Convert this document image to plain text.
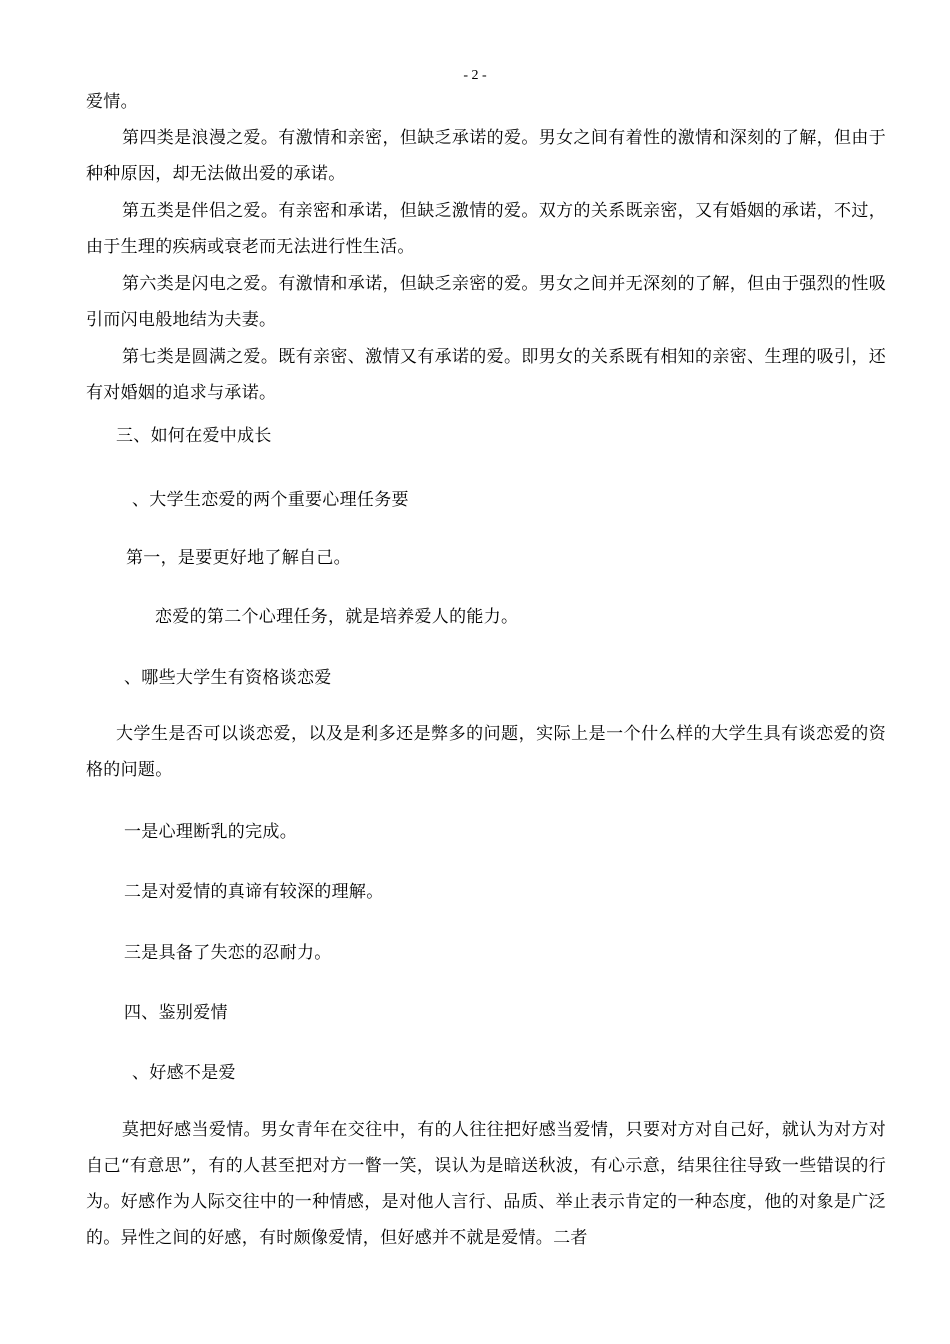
- 2 -

爱情。

第四类是浪漫之爱。有激情和亲密，但缺乏承诺的爱。男女之间有着性的激情和深刻的了解，但由于种种原因，却无法做出爱的承诺。

第五类是伴侣之爱。有亲密和承诺，但缺乏激情的爱。双方的关系既亲密，又有婚姻的承诺，不过，由于生理的疾病或衰老而无法进行性生活。

第六类是闪电之爱。有激情和承诺，但缺乏亲密的爱。男女之间并无深刻的了解，但由于强烈的性吸引而闪电般地结为夫妻。

第七类是圆满之爱。既有亲密、激情又有承诺的爱。即男女的关系既有相知的亲密、生理的吸引，还有对婚姻的追求与承诺。

三、如何在爱中成长

、大学生恋爱的两个重要心理任务要

第一，是要更好地了解自己。

恋爱的第二个心理任务，就是培养爱人的能力。

、哪些大学生有资格谈恋爱

大学生是否可以谈恋爱，以及是利多还是弊多的问题，实际上是一个什么样的大学生具有谈恋爱的资格的问题。

一是心理断乳的完成。

二是对爱情的真谛有较深的理解。

三是具备了失恋的忍耐力。

四、鉴别爱情

、好感不是爱

莫把好感当爱情。男女青年在交往中，有的人往往把好感当爱情，只要对方对自己好，就认为对方对自己“有意思”，有的人甚至把对方一瞥一笑，误认为是暗送秋波，有心示意，结果往往导致一些错误的行为。好感作为人际交往中的一种情感，是对他人言行、品质、举止表示肯定的一种态度，他的对象是广泛的。异性之间的好感，有时颇像爱情，但好感并不就是爱情。二者
